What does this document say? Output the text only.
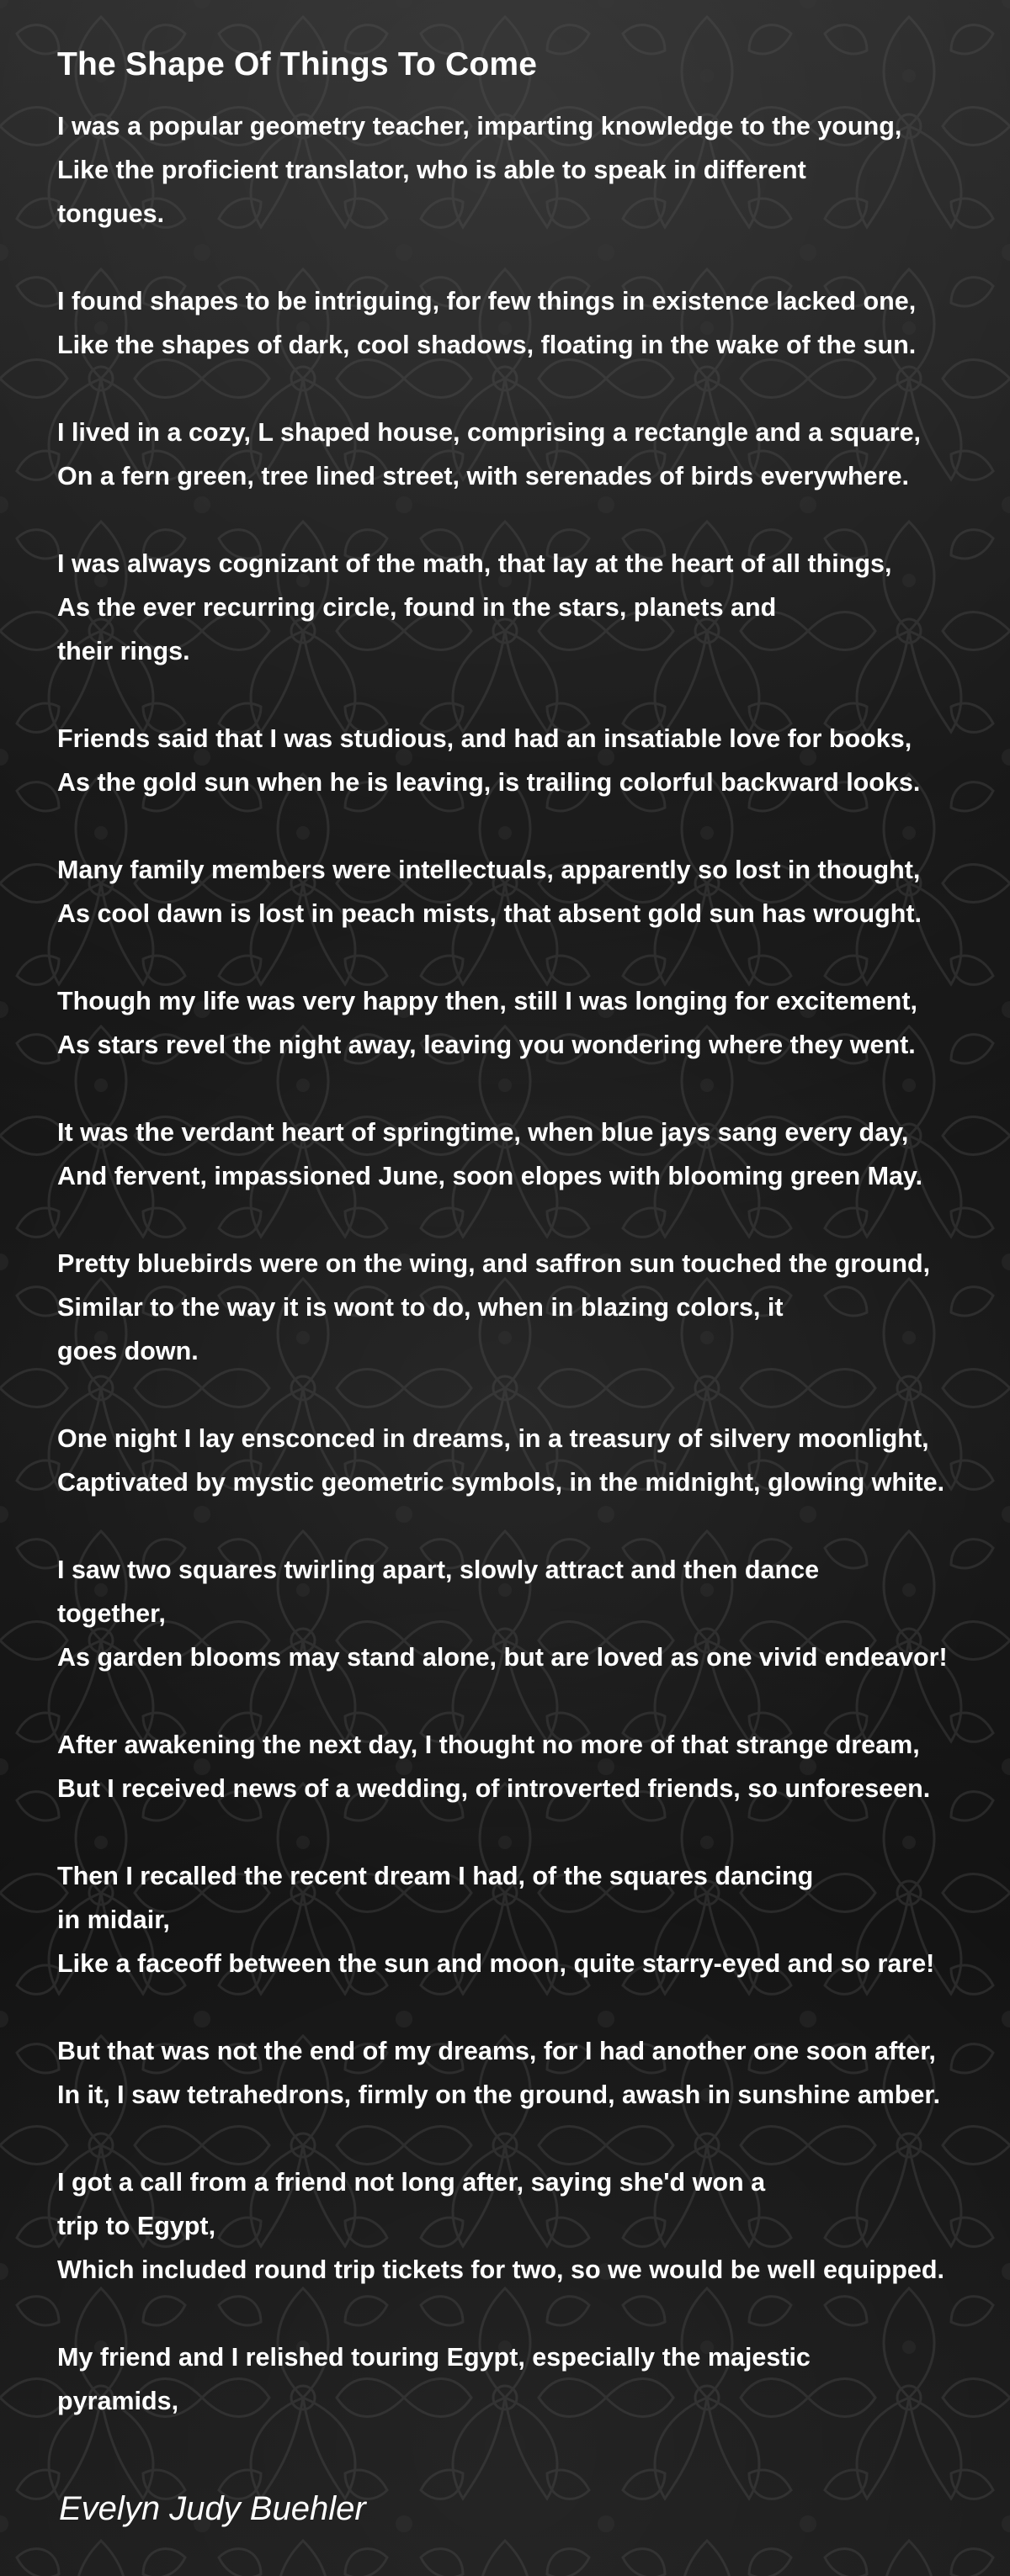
The Shape Of Things To Come
I was a popular geometry teacher, imparting knowledge to the young,
Like the proficient translator, who is able to speak in different
tongues.
I found shapes to be intriguing, for few things in existence lacked one,
Like the shapes of dark, cool shadows, floating in the wake of the sun.
I lived in a cozy, L shaped house, comprising a rectangle and a square,
On a fern green, tree lined street, with serenades of birds everywhere.
I was always cognizant of the math, that lay at the heart of all things,
As the ever recurring circle, found in the stars, planets and
their rings.
Friends said that I was studious, and had an insatiable love for books,
As the gold sun when he is leaving, is trailing colorful backward looks.
Many family members were intellectuals, apparently so lost in thought,
As cool dawn is lost in peach mists, that absent gold sun has wrought.
Though my life was very happy then, still I was longing for excitement,
As stars revel the night away, leaving you wondering where they went.
It was the verdant heart of springtime, when blue jays sang every day,
And fervent, impassioned June, soon elopes with blooming green May.
Pretty bluebirds were on the wing, and saffron sun touched the ground,
Similar to the way it is wont to do, when in blazing colors, it
goes down.
One night I lay ensconced in dreams, in a treasury of silvery moonlight,
Captivated by mystic geometric symbols, in the midnight, glowing white.
I saw two squares twirling apart, slowly attract and then dance
together,
As garden blooms may stand alone, but are loved as one vivid endeavor!
After awakening the next day, I thought no more of that strange dream,
But I received news of a wedding, of introverted friends, so unforeseen.
Then I recalled the recent dream I had, of the squares dancing
in midair,
Like a faceoff between the sun and moon, quite starry-eyed and so rare!
But that was not the end of my dreams, for I had another one soon after,
In it, I saw tetrahedrons, firmly on the ground, awash in sunshine amber.
I got a call from a friend not long after, saying she'd won a
trip to Egypt,
Which included round trip tickets for two, so we would be well equipped.
My friend and I relished touring Egypt, especially the majestic
pyramids,
Evelyn Judy Buehler
